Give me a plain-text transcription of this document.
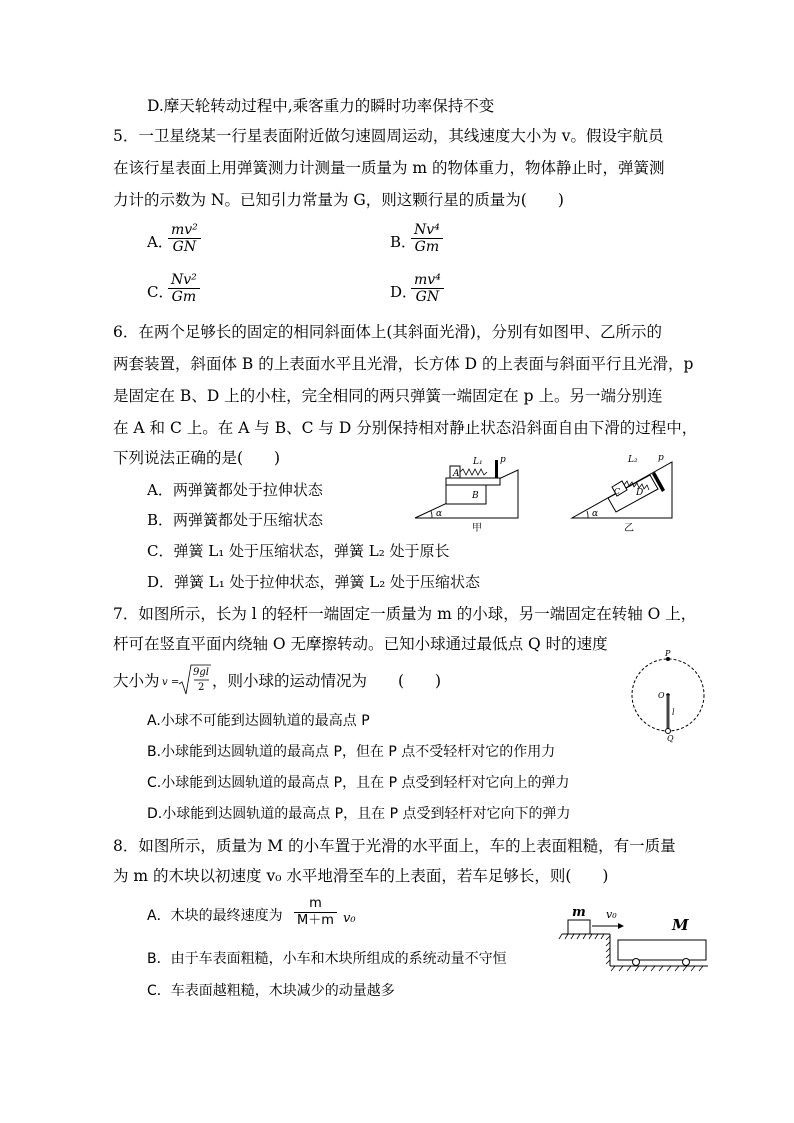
D.摩天轮转动过程中,乘客重力的瞬时功率保持不变
5．一卫星绕某一行星表面附近做匀速圆周运动，其线速度大小为 v。假设宇航员
在该行星表面上用弹簧测力计测量一质量为 m 的物体重力，物体静止时，弹簧测
力计的示数为 N。已知引力常量为 G，则这颗行星的质量为(　　)
A．
$\frac{\text{mv²}}{GN}$	B．
$\frac{\text{Nv⁴}}{Gm}$
C．
$\frac{\text{Nv²}}{Gm}$	D．
$\frac{\text{mv⁴}}{GN}$
6．在两个足够长的固定的相同斜面体上(其斜面光滑)，分别有如图甲、乙所示的
两套装置，斜面体 B 的上表面水平且光滑，长方体 D 的上表面与斜面平行且光滑，p
是固定在 B、D 上的小柱，完全相同的两只弹簧一端固定在 p 上。另一端分别连
在 A 和 C 上。在 A 与 B、C 与 D 分别保持相对静止状态沿斜面自由下滑的过程中，
下列说法正确的是(　　)
A．两弹簧都处于拉伸状态
B．两弹簧都处于压缩状态
C．弹簧 L₁ 处于压缩状态，弹簧 L₂ 处于原长
D．弹簧 L₁ 处于拉伸状态，弹簧 L₂ 处于压缩状态
A
B
L₁ p
α
甲
C D
L₂ p
α
乙
7．如图所示，长为 l 的轻杆一端固定一质量为 m 的小球，另一端固定在转轴 O 上，
杆可在竖直平面内绕轴 O 无摩擦转动。已知小球通过最低点 Q 时的速度
大小为 v =
9gl
2 ，则小球的运动情况为　　(　　)
A.小球不可能到达圆轨道的最高点 P
B.小球能到达圆轨道的最高点 P，但在 P 点不受轻杆对它的作用力
C.小球能到达圆轨道的最高点 P，且在 P 点受到轻杆对它向上的弹力
D.小球能到达圆轨道的最高点 P，且在 P 点受到轻杆对它向下的弹力
P
O
l
Q
8．如图所示，质量为 M 的小车置于光滑的水平面上，车的上表面粗糙，有一质量
为 m 的木块以初速度 v₀ 水平地滑至车的上表面，若车足够长，则(　　)
A．木块的最终速度为 $\frac{m}{M+m} v_0$
B．由于车表面粗糙，小车和木块所组成的系统动量不守恒
C．车表面越粗糙，木块减少的动量越多
m v₀
M
